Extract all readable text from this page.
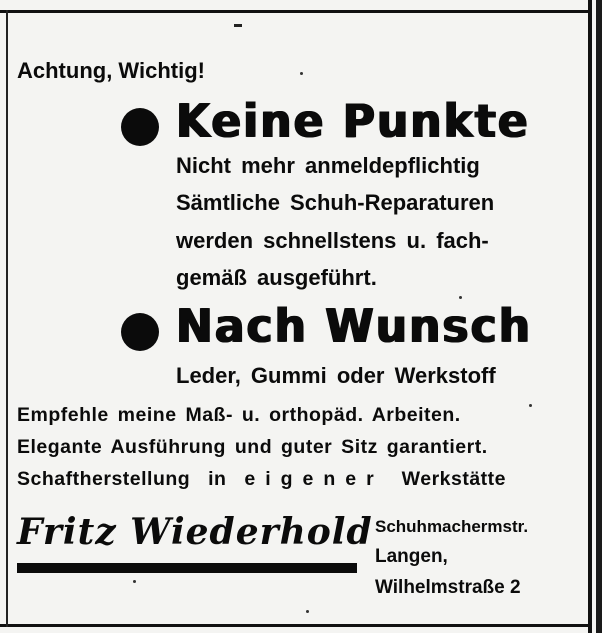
Achtung, Wichtig!
Keine Punkte
Nicht mehr anmeldepflichtig
Sämtliche Schuh-Reparaturen
werden schnellstens u. fach-
gemäß ausgeführt.
Nach Wunsch
Leder, Gummi oder Werkstoff
Empfehle meine Maß- u. orthopäd. Arbeiten.
Elegante Ausführung und guter Sitz garantiert.
Schaftherstellung in eigener Werkstätte
Fritz Wiederhold Schuhmachermstr.
Langen,
Wilhelmstraße 2
